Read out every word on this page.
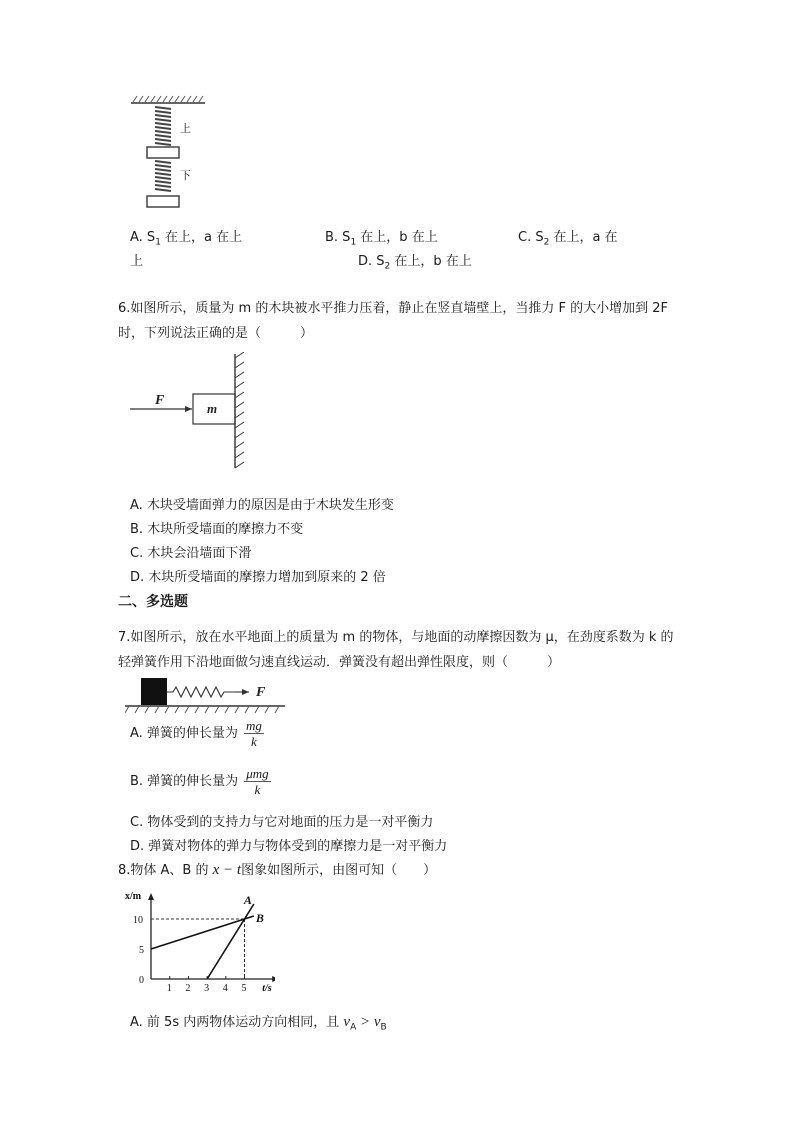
上
下
A. $S_1$ 在上，a 在上	B. $S_1$ 在上，b 在上	C. $S_2$ 在上，a 在
上	D. $S_2$ 在上，b 在上
6.如图所示，质量为 m 的木块被水平推力压着，静止在竖直墙壁上，当推力 F 的大小增加到 2F 时，下列说法正确的是（　　　）
F
m
A. 木块受墙面弹力的原因是由于木块发生形变
B. 木块所受墙面的摩擦力不变
C. 木块会沿墙面下滑
D. 木块所受墙面的摩擦力增加到原来的 2 倍
二、多选题
7.如图所示，放在水平地面上的质量为 m 的物体，与地面的动摩擦因数为 μ，在劲度系数为 k 的轻弹簧作用下沿地面做匀速直线运动．弹簧没有超出弹性限度，则（　　　）
F
A. 弹簧的伸长量为 $\frac{mg}{k}$
B. 弹簧的伸长量为 $\frac{\text{μmg}}{k}$
C. 物体受到的支持力与它对地面的压力是一对平衡力
D. 弹簧对物体的弹力与物体受到的摩擦力是一对平衡力
8.物体 A、B 的 x − t图象如图所示，由图可知（　　）
A
B
1 2 3 4 5
0
5
10
t/s
x/m
A. 前 5s 内两物体运动方向相同，且 $v_A > v_B$
